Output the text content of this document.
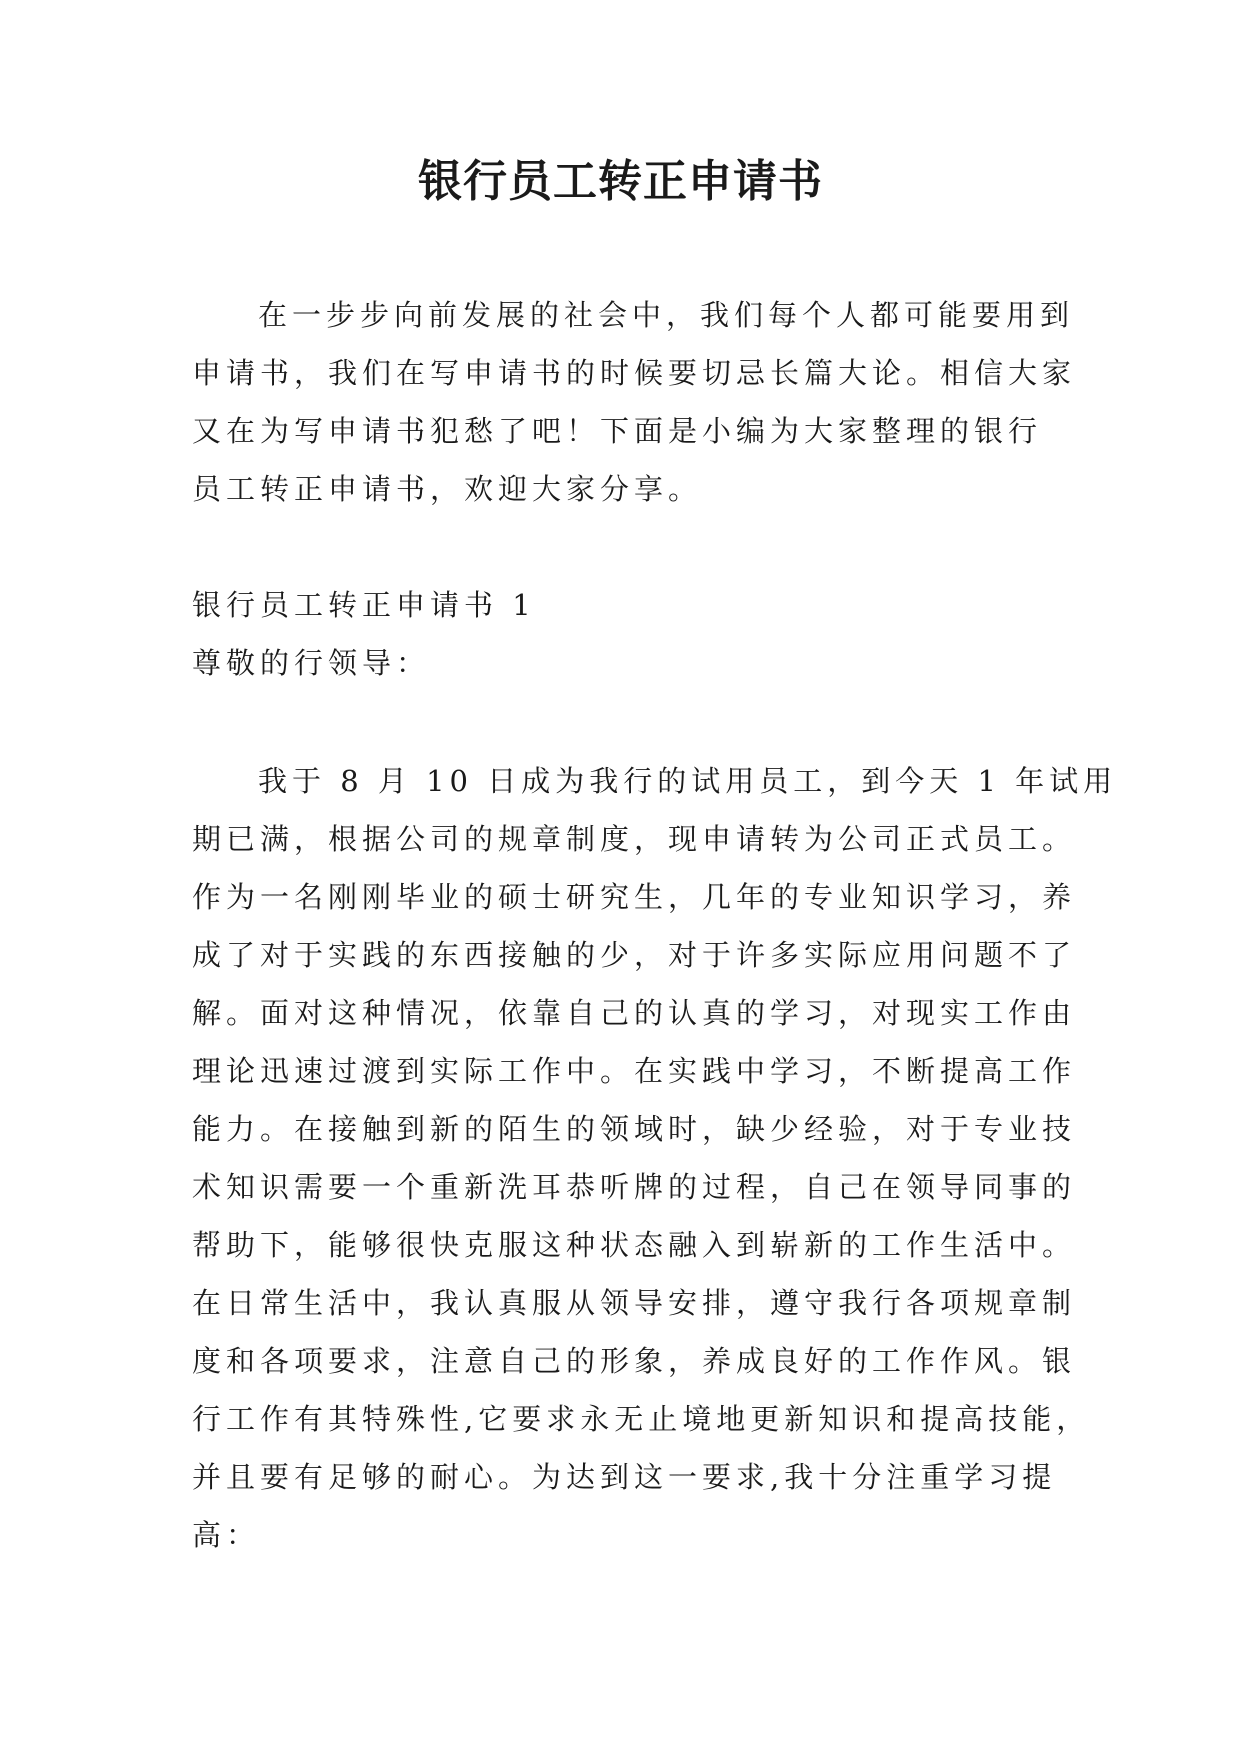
银行员工转正申请书
在一步步向前发展的社会中，我们每个人都可能要用到
申请书，我们在写申请书的时候要切忌长篇大论。相信大家
又在为写申请书犯愁了吧！下面是小编为大家整理的银行
员工转正申请书，欢迎大家分享。
银行员工转正申请书 1
尊敬的行领导：
我于 8 月 10 日成为我行的试用员工，到今天 1 年试用
期已满，根据公司的规章制度，现申请转为公司正式员工。
作为一名刚刚毕业的硕士研究生，几年的专业知识学习，养
成了对于实践的东西接触的少，对于许多实际应用问题不了
解。面对这种情况，依靠自己的认真的学习，对现实工作由
理论迅速过渡到实际工作中。在实践中学习，不断提高工作
能力。在接触到新的陌生的领域时，缺少经验，对于专业技
术知识需要一个重新洗耳恭听牌的过程，自己在领导同事的
帮助下，能够很快克服这种状态融入到崭新的工作生活中。
在日常生活中，我认真服从领导安排，遵守我行各项规章制
度和各项要求，注意自己的形象，养成良好的工作作风。银
行工作有其特殊性,它要求永无止境地更新知识和提高技能，
并且要有足够的耐心。为达到这一要求,我十分注重学习提
高：
